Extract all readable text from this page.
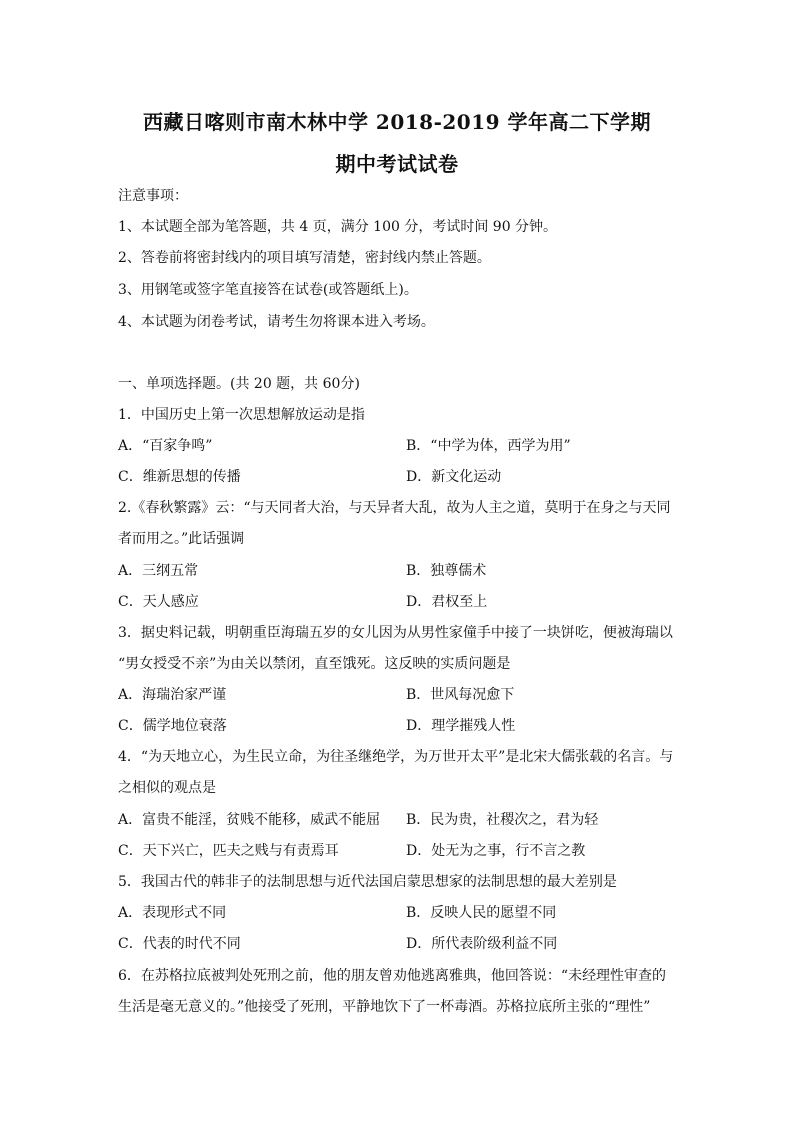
西藏日喀则市南木林中学 2018-2019 学年高二下学期
期中考试试卷
注意事项：
1、本试题全部为笔答题，共 4 页，满分 100 分，考试时间 90 分钟。
2、答卷前将密封线内的项目填写清楚，密封线内禁止答题。
3、用钢笔或签字笔直接答在试卷(或答题纸上)。
4、本试题为闭卷考试，请考生勿将课本进入考场。
一、单项选择题。(共 20 题，共 60分)
1．中国历史上第一次思想解放运动是指
A．“百家争鸣”	B．“中学为体，西学为用”
C．维新思想的传播	D．新文化运动
2.《春秋繁露》云：“与天同者大治，与天异者大乱，故为人主之道，莫明于在身之与天同
者而用之。”此话强调
A．三纲五常	B．独尊儒术
C．天人感应	D．君权至上
3．据史料记载，明朝重臣海瑞五岁的女儿因为从男性家僮手中接了一块饼吃，便被海瑞以
“男女授受不亲”为由关以禁闭，直至饿死。这反映的实质问题是
A．海瑞治家严谨	B．世风每况愈下
C．儒学地位衰落	D．理学摧残人性
4．“为天地立心，为生民立命，为往圣继绝学，为万世开太平”是北宋大儒张载的名言。与
之相似的观点是
A．富贵不能淫，贫贱不能移，威武不能屈 B．民为贵，社稷次之，君为轻
C．天下兴亡，匹夫之贱与有责焉耳	D．处无为之事，行不言之教
5．我国古代的韩非子的法制思想与近代法国启蒙思想家的法制思想的最大差别是
A．表现形式不同	B．反映人民的愿望不同
C．代表的时代不同	D．所代表阶级利益不同
6．在苏格拉底被判处死刑之前，他的朋友曾劝他逃离雅典，他回答说：“未经理性审查的
生活是毫无意义的。”他接受了死刑，平静地饮下了一杯毒酒。苏格拉底所主张的“理性”
